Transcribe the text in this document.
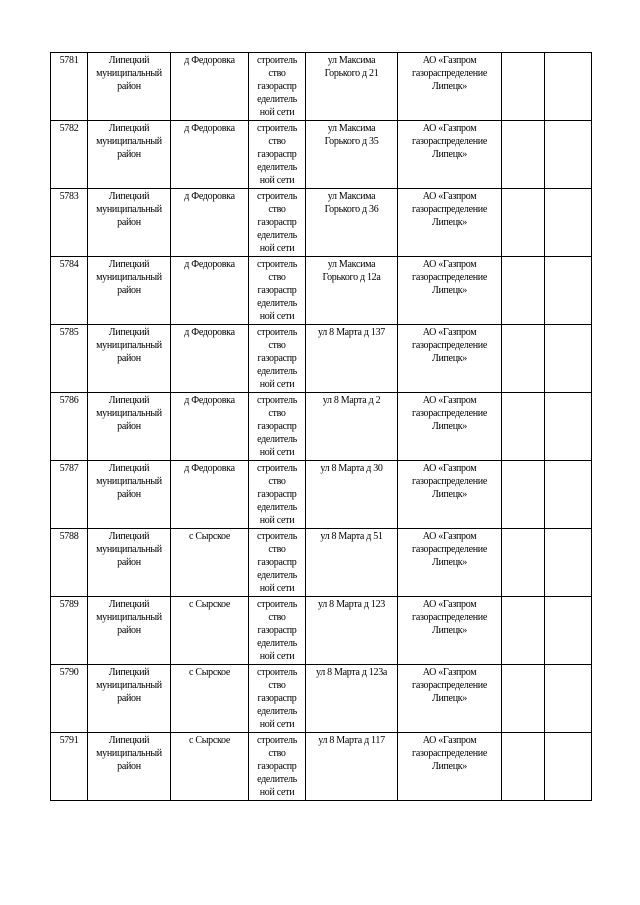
5781	Липецкий
муниципальный
район	д Федоровка	строитель
ство
газораспр
еделитель
ной сети	ул Максима
Горького д 21	АО «Газпром
газораспределение
Липецк»		

5782	Липецкий
муниципальный
район	д Федоровка	строитель
ство
газораспр
еделитель
ной сети	ул Максима
Горького д 35	АО «Газпром
газораспределение
Липецк»		

5783	Липецкий
муниципальный
район	д Федоровка	строитель
ство
газораспр
еделитель
ной сети	ул Максима
Горького д 36	АО «Газпром
газораспределение
Липецк»		

5784	Липецкий
муниципальный
район	д Федоровка	строитель
ство
газораспр
еделитель
ной сети	ул Максима
Горького д 12а	АО «Газпром
газораспределение
Липецк»		

5785	Липецкий
муниципальный
район	д Федоровка	строитель
ство
газораспр
еделитель
ной сети	ул 8 Марта д 137	АО «Газпром
газораспределение
Липецк»		

5786	Липецкий
муниципальный
район	д Федоровка	строитель
ство
газораспр
еделитель
ной сети	ул 8 Марта д 2	АО «Газпром
газораспределение
Липецк»		

5787	Липецкий
муниципальный
район	д Федоровка	строитель
ство
газораспр
еделитель
ной сети	ул 8 Марта д 30	АО «Газпром
газораспределение
Липецк»		

5788	Липецкий
муниципальный
район	с Сырское	строитель
ство
газораспр
еделитель
ной сети	ул 8 Марта д 51	АО «Газпром
газораспределение
Липецк»		

5789	Липецкий
муниципальный
район	с Сырское	строитель
ство
газораспр
еделитель
ной сети	ул 8 Марта д 123	АО «Газпром
газораспределение
Липецк»		

5790	Липецкий
муниципальный
район	с Сырское	строитель
ство
газораспр
еделитель
ной сети	ул 8 Марта д 123а	АО «Газпром
газораспределение
Липецк»		

5791	Липецкий
муниципальный
район	с Сырское	строитель
ство
газораспр
еделитель
ной сети	ул 8 Марта д 117	АО «Газпром
газораспределение
Липецк»		
